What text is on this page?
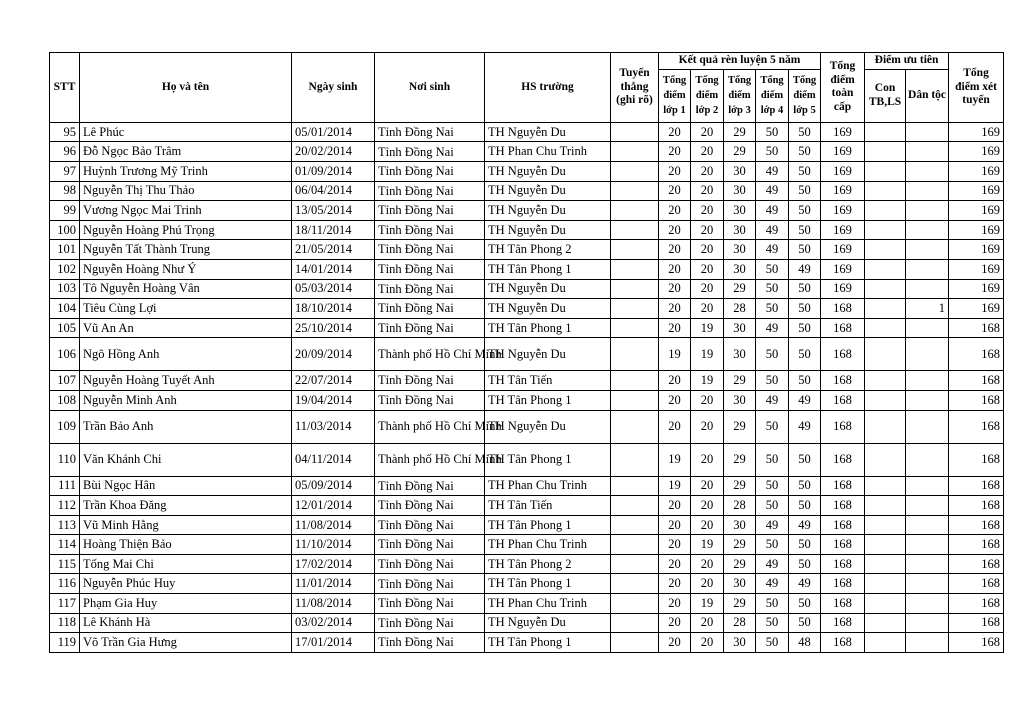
STT	Họ và tên	Ngày sinh	Nơi sinh	HS trường	Tuyển thẳng (ghi rõ)	Kết quả rèn luyện 5 năm					Tổng điểm toàn cấp	Điểm ưu tiên		Tổng điểm xét tuyển
						Tổng điểm lớp 1	Tổng điểm lớp 2	Tổng điểm lớp 3	Tổng điểm lớp 4	Tổng điểm lớp 5		Con TB,LS	Dân tộc	
95	Lê Phúc	05/01/2014	Tỉnh Đồng Nai	TH Nguyễn Du		20	20	29	50	50	169			169
96	Đỗ Ngọc Bảo Trâm	20/02/2014	Tỉnh Đồng Nai	TH Phan Chu Trinh		20	20	29	50	50	169			169
97	Huỳnh Trương Mỹ Trinh	01/09/2014	Tỉnh Đồng Nai	TH Nguyễn Du		20	20	30	49	50	169			169
98	Nguyễn Thị Thu Thảo	06/04/2014	Tỉnh Đồng Nai	TH Nguyễn Du		20	20	30	49	50	169			169
99	Vương Ngọc Mai Trinh	13/05/2014	Tỉnh Đồng Nai	TH Nguyễn Du		20	20	30	49	50	169			169
100	Nguyễn Hoàng Phú Trọng	18/11/2014	Tỉnh Đồng Nai	TH Nguyễn Du		20	20	30	49	50	169			169
101	Nguyễn Tất Thành Trung	21/05/2014	Tỉnh Đồng Nai	TH Tân Phong 2		20	20	30	49	50	169			169
102	Nguyễn Hoàng Như Ý	14/01/2014	Tỉnh Đồng Nai	TH Tân Phong 1		20	20	30	50	49	169			169
103	Tô Nguyễn Hoàng Vân	05/03/2014	Tỉnh Đồng Nai	TH Nguyễn Du		20	20	29	50	50	169			169
104	Tiêu Cùng Lợi	18/10/2014	Tỉnh Đồng Nai	TH Nguyễn Du		20	20	28	50	50	168		1	169
105	Vũ An An	25/10/2014	Tỉnh Đồng Nai	TH Tân Phong 1		20	19	30	49	50	168			168
106	Ngô Hồng Anh	20/09/2014	Thành phố Hồ Chí Minh	TH Nguyễn Du		19	19	30	50	50	168			168
107	Nguyễn Hoàng Tuyết Anh	22/07/2014	Tỉnh Đồng Nai	TH Tân Tiến		20	19	29	50	50	168			168
108	Nguyễn Minh Anh	19/04/2014	Tỉnh Đồng Nai	TH Tân Phong 1		20	20	30	49	49	168			168
109	Trần Bảo Anh	11/03/2014	Thành phố Hồ Chí Minh	TH Nguyễn Du		20	20	29	50	49	168			168
110	Văn Khánh Chi	04/11/2014	Thành phố Hồ Chí Minh	TH Tân Phong 1		19	20	29	50	50	168			168
111	Bùi Ngọc Hân	05/09/2014	Tỉnh Đồng Nai	TH Phan Chu Trinh		19	20	29	50	50	168			168
112	Trần Khoa Đăng	12/01/2014	Tỉnh Đồng Nai	TH Tân Tiến		20	20	28	50	50	168			168
113	Vũ Minh Hằng	11/08/2014	Tỉnh Đồng Nai	TH Tân Phong 1		20	20	30	49	49	168			168
114	Hoàng Thiện Bảo	11/10/2014	Tỉnh Đồng Nai	TH Phan Chu Trinh		20	19	29	50	50	168			168
115	Tống Mai Chi	17/02/2014	Tỉnh Đồng Nai	TH Tân Phong 2		20	20	29	49	50	168			168
116	Nguyễn Phúc Huy	11/01/2014	Tỉnh Đồng Nai	TH Tân Phong 1		20	20	30	49	49	168			168
117	Phạm Gia Huy	11/08/2014	Tỉnh Đồng Nai	TH Phan Chu Trinh		20	19	29	50	50	168			168
118	Lê Khánh Hà	03/02/2014	Tỉnh Đồng Nai	TH Nguyễn Du		20	20	28	50	50	168			168
119	Võ Trần Gia Hưng	17/01/2014	Tỉnh Đồng Nai	TH Tân Phong 1		20	20	30	50	48	168			168
